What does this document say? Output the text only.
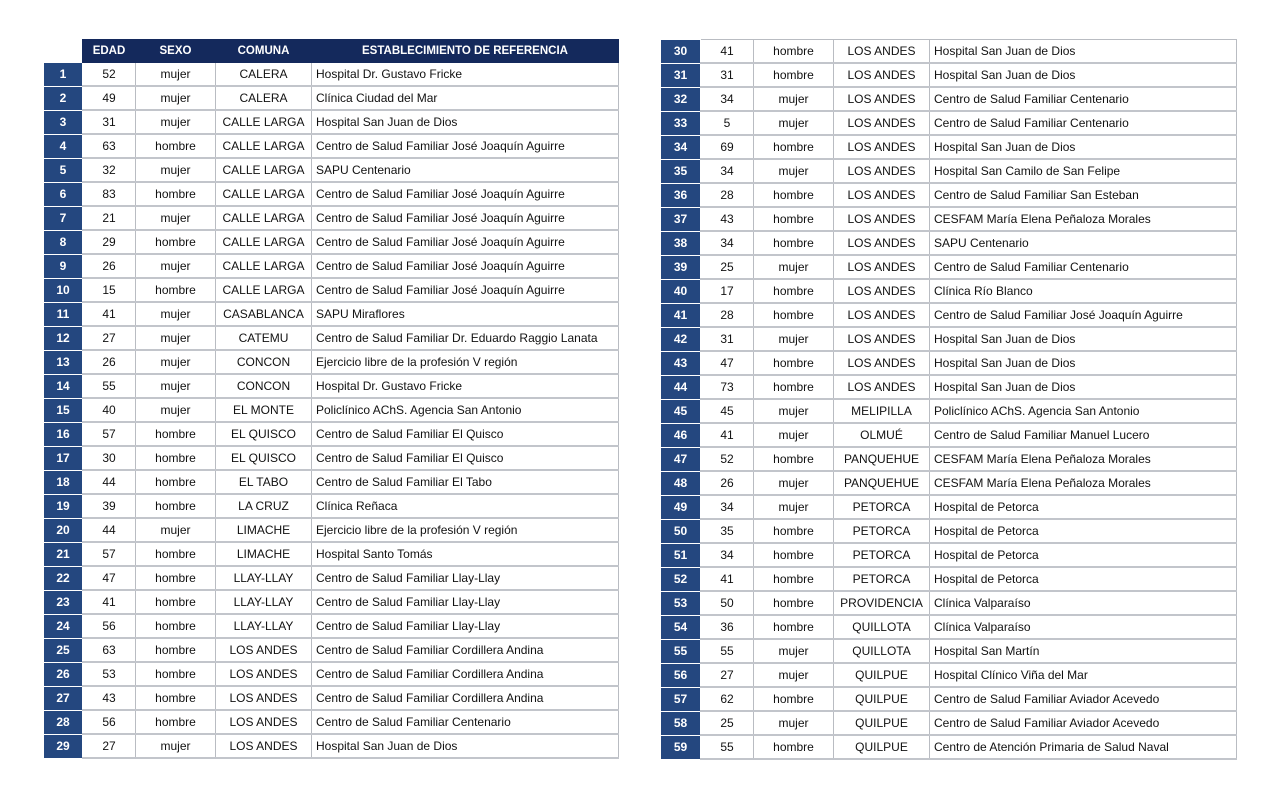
	EDAD	SEXO	COMUNA	ESTABLECIMIENTO DE REFERENCIA
1	52	mujer	CALERA	Hospital Dr. Gustavo Fricke
2	49	mujer	CALERA	Clínica Ciudad del Mar
3	31	mujer	CALLE LARGA	Hospital San Juan de Dios
4	63	hombre	CALLE LARGA	Centro de Salud Familiar José Joaquín Aguirre
5	32	mujer	CALLE LARGA	SAPU Centenario
6	83	hombre	CALLE LARGA	Centro de Salud Familiar José Joaquín Aguirre
7	21	mujer	CALLE LARGA	Centro de Salud Familiar José Joaquín Aguirre
8	29	hombre	CALLE LARGA	Centro de Salud Familiar José Joaquín Aguirre
9	26	mujer	CALLE LARGA	Centro de Salud Familiar José Joaquín Aguirre
10	15	hombre	CALLE LARGA	Centro de Salud Familiar José Joaquín Aguirre
11	41	mujer	CASABLANCA	SAPU Miraflores
12	27	mujer	CATEMU	Centro de Salud Familiar Dr. Eduardo Raggio Lanata
13	26	mujer	CONCON	Ejercicio libre de la profesión V región
14	55	mujer	CONCON	Hospital Dr. Gustavo Fricke
15	40	mujer	EL MONTE	Policlínico AChS. Agencia San Antonio
16	57	hombre	EL QUISCO	Centro de Salud Familiar El Quisco
17	30	hombre	EL QUISCO	Centro de Salud Familiar El Quisco
18	44	hombre	EL TABO	Centro de Salud Familiar El Tabo
19	39	hombre	LA CRUZ	Clínica Reñaca
20	44	mujer	LIMACHE	Ejercicio libre de la profesión V región
21	57	hombre	LIMACHE	Hospital Santo Tomás
22	47	hombre	LLAY-LLAY	Centro de Salud Familiar Llay-Llay
23	41	hombre	LLAY-LLAY	Centro de Salud Familiar Llay-Llay
24	56	hombre	LLAY-LLAY	Centro de Salud Familiar Llay-Llay
25	63	hombre	LOS ANDES	Centro de Salud Familiar Cordillera Andina
26	53	hombre	LOS ANDES	Centro de Salud Familiar Cordillera Andina
27	43	hombre	LOS ANDES	Centro de Salud Familiar Cordillera Andina
28	56	hombre	LOS ANDES	Centro de Salud Familiar Centenario
29	27	mujer	LOS ANDES	Hospital San Juan de Dios
30	41	hombre	LOS ANDES	Hospital San Juan de Dios
31	31	hombre	LOS ANDES	Hospital San Juan de Dios
32	34	mujer	LOS ANDES	Centro de Salud Familiar Centenario
33	5	mujer	LOS ANDES	Centro de Salud Familiar Centenario
34	69	hombre	LOS ANDES	Hospital San Juan de Dios
35	34	mujer	LOS ANDES	Hospital San Camilo de San Felipe
36	28	hombre	LOS ANDES	Centro de Salud Familiar San Esteban
37	43	hombre	LOS ANDES	CESFAM María Elena Peñaloza Morales
38	34	hombre	LOS ANDES	SAPU Centenario
39	25	mujer	LOS ANDES	Centro de Salud Familiar Centenario
40	17	hombre	LOS ANDES	Clínica Río Blanco
41	28	hombre	LOS ANDES	Centro de Salud Familiar José Joaquín Aguirre
42	31	mujer	LOS ANDES	Hospital San Juan de Dios
43	47	hombre	LOS ANDES	Hospital San Juan de Dios
44	73	hombre	LOS ANDES	Hospital San Juan de Dios
45	45	mujer	MELIPILLA	Policlínico AChS. Agencia San Antonio
46	41	mujer	OLMUÉ	Centro de Salud Familiar Manuel Lucero
47	52	hombre	PANQUEHUE	CESFAM María Elena Peñaloza Morales
48	26	mujer	PANQUEHUE	CESFAM María Elena Peñaloza Morales
49	34	mujer	PETORCA	Hospital de Petorca
50	35	hombre	PETORCA	Hospital de Petorca
51	34	hombre	PETORCA	Hospital de Petorca
52	41	hombre	PETORCA	Hospital de Petorca
53	50	hombre	PROVIDENCIA	Clínica Valparaíso
54	36	hombre	QUILLOTA	Clínica Valparaíso
55	55	mujer	QUILLOTA	Hospital San Martín
56	27	mujer	QUILPUE	Hospital Clínico Viña del Mar
57	62	hombre	QUILPUE	Centro de Salud Familiar Aviador Acevedo
58	25	mujer	QUILPUE	Centro de Salud Familiar Aviador Acevedo
59	55	hombre	QUILPUE	Centro de Atención Primaria de Salud Naval
